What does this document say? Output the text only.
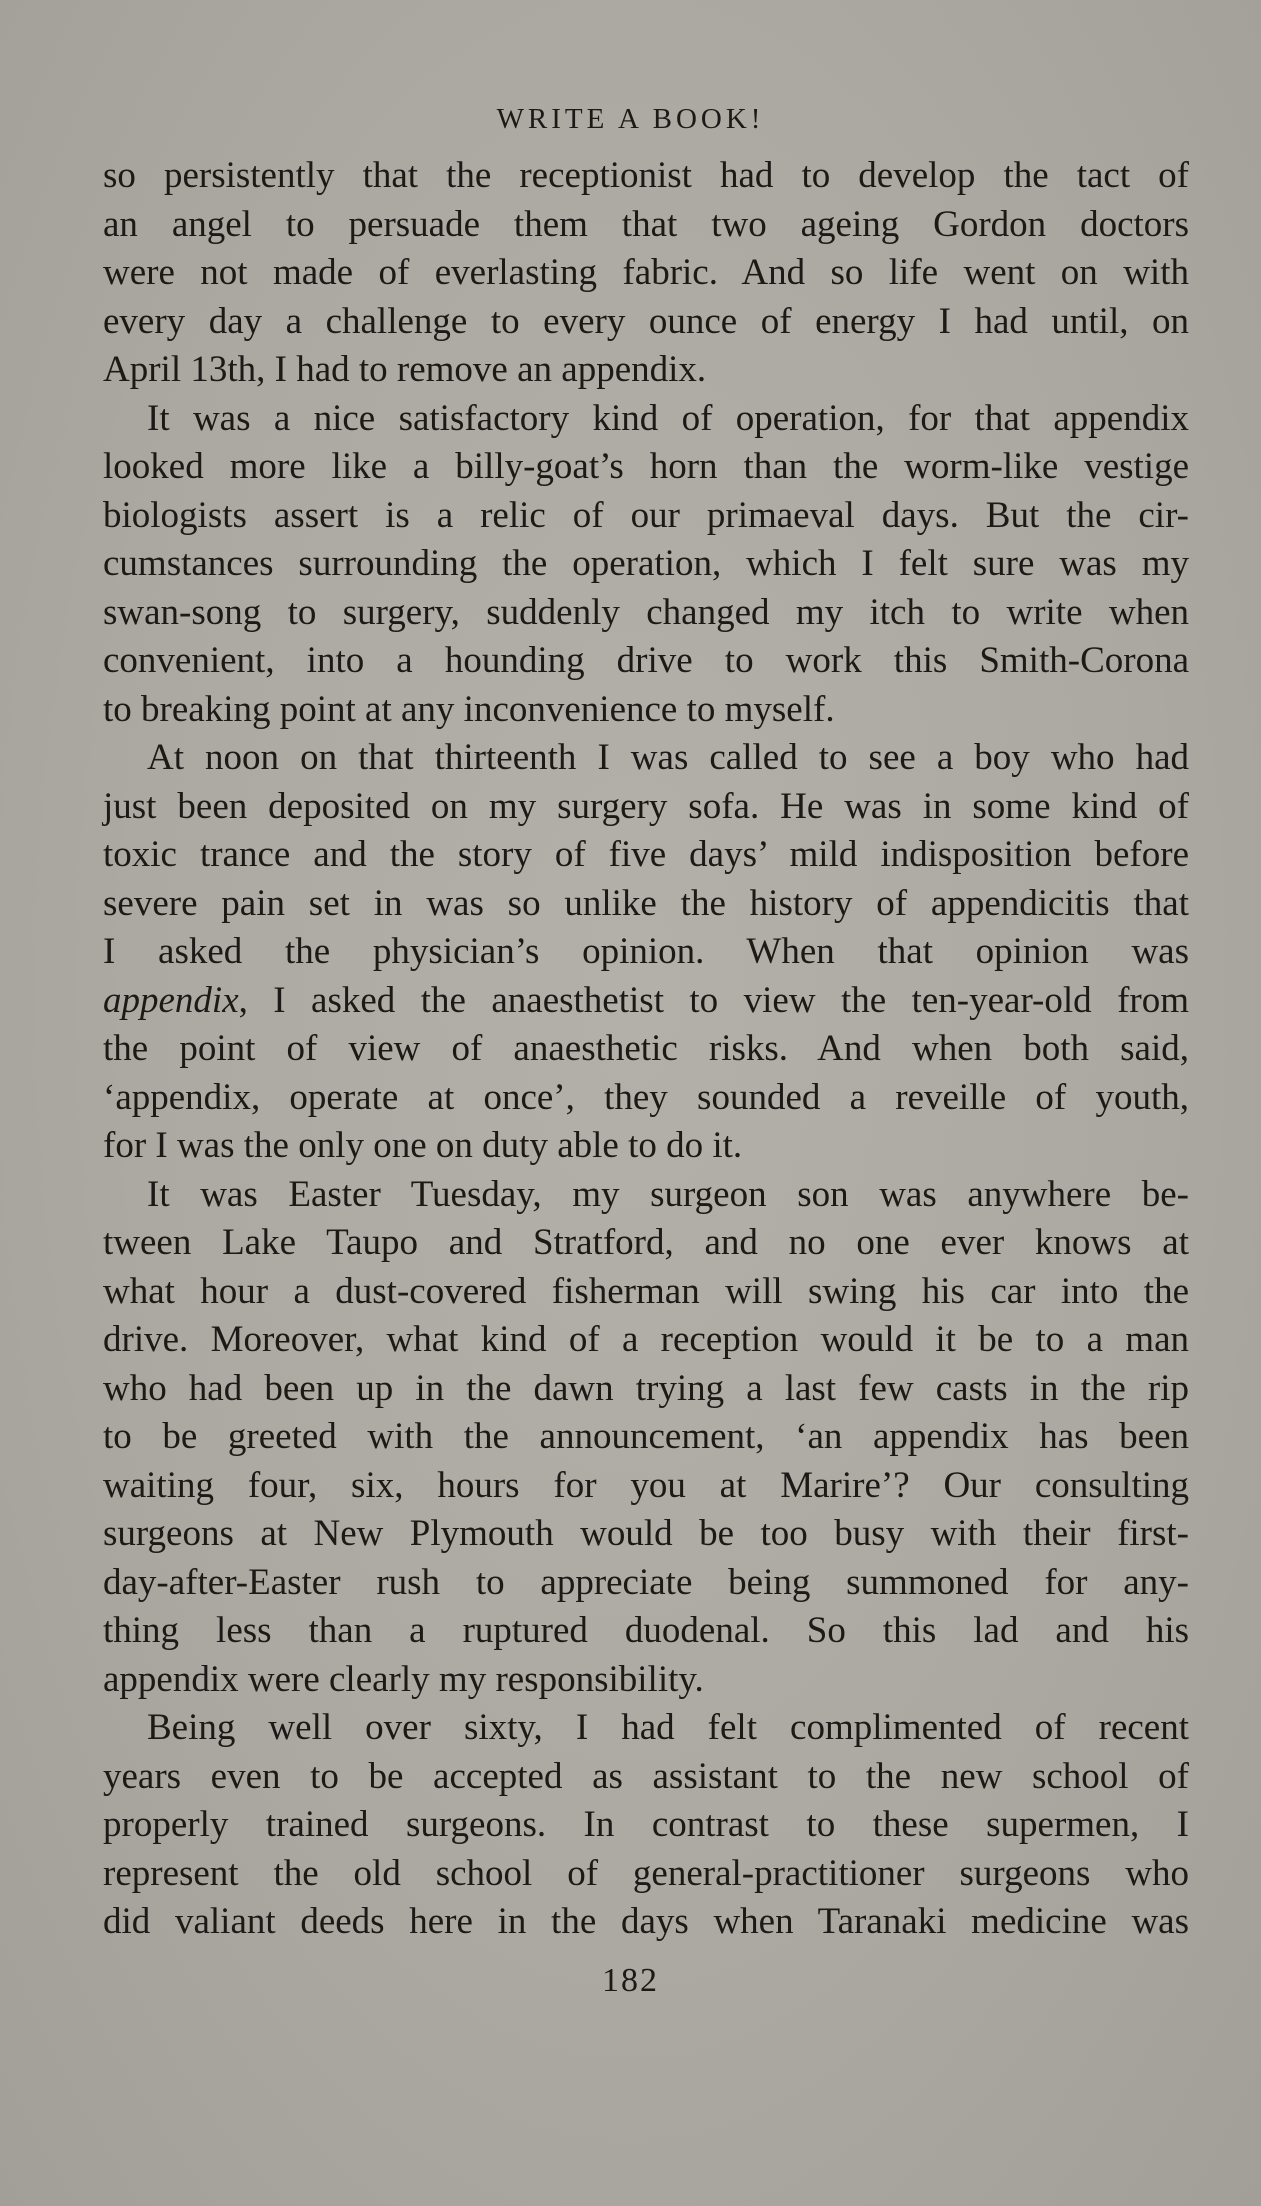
WRITE A BOOK!
so persistently that the receptionist had to develop the tact of
an angel to persuade them that two ageing Gordon doctors
were not made of everlasting fabric. And so life went on with
every day a challenge to every ounce of energy I had until, on
April 13th, I had to remove an appendix.
It was a nice satisfactory kind of operation, for that appendix
looked more like a billy-goat’s horn than the worm-like vestige
biologists assert is a relic of our primaeval days. But the cir-
cumstances surrounding the operation, which I felt sure was my
swan-song to surgery, suddenly changed my itch to write when
convenient, into a hounding drive to work this Smith-Corona
to breaking point at any inconvenience to myself.
At noon on that thirteenth I was called to see a boy who had
just been deposited on my surgery sofa. He was in some kind of
toxic trance and the story of five days’ mild indisposition before
severe pain set in was so unlike the history of appendicitis that
I asked the physician’s opinion. When that opinion was
appendix, I asked the anaesthetist to view the ten-year-old from
the point of view of anaesthetic risks. And when both said,
‘appendix, operate at once’, they sounded a reveille of youth,
for I was the only one on duty able to do it.
It was Easter Tuesday, my surgeon son was anywhere be-
tween Lake Taupo and Stratford, and no one ever knows at
what hour a dust-covered fisherman will swing his car into the
drive. Moreover, what kind of a reception would it be to a man
who had been up in the dawn trying a last few casts in the rip
to be greeted with the announcement, ‘an appendix has been
waiting four, six, hours for you at Marire’? Our consulting
surgeons at New Plymouth would be too busy with their first-
day-after-Easter rush to appreciate being summoned for any-
thing less than a ruptured duodenal. So this lad and his
appendix were clearly my responsibility.
Being well over sixty, I had felt complimented of recent
years even to be accepted as assistant to the new school of
properly trained surgeons. In contrast to these supermen, I
represent the old school of general-practitioner surgeons who
did valiant deeds here in the days when Taranaki medicine was
182
